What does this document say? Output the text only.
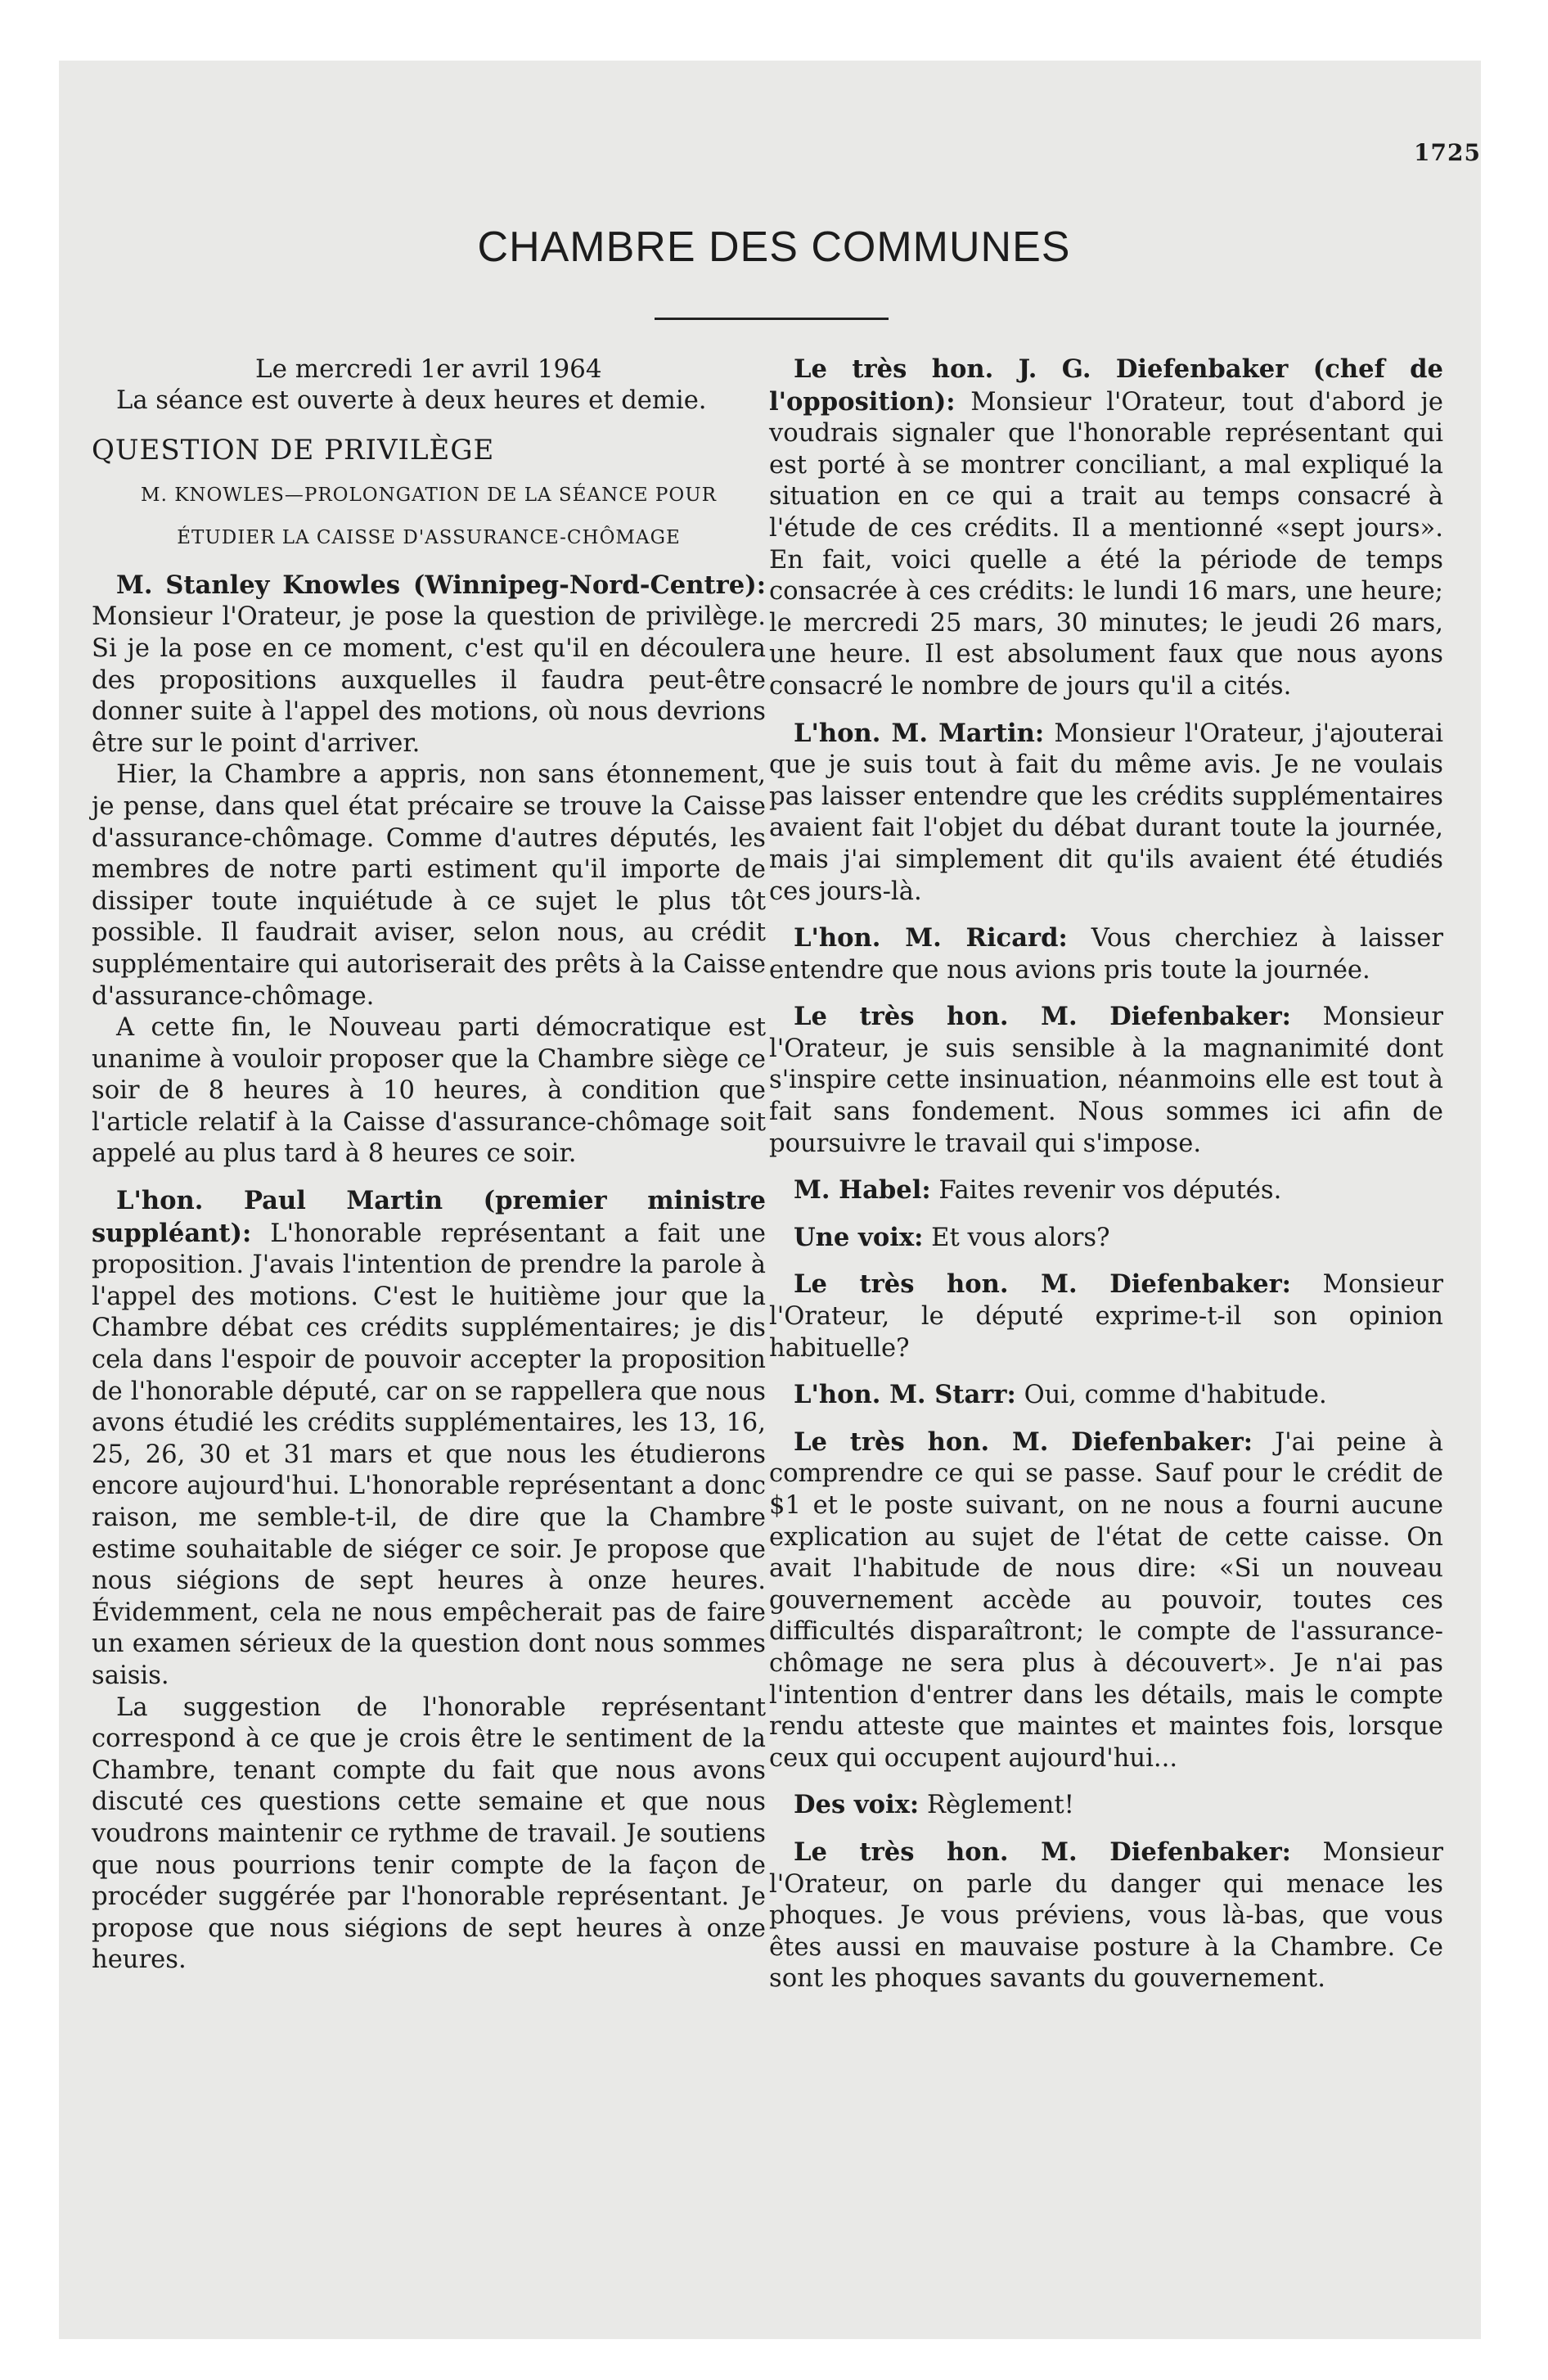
1725
CHAMBRE DES COMMUNES

Le mercredi 1er avril 1964

La séance est ouverte à deux heures et demie.

QUESTION DE PRIVILÈGE

M. KNOWLES—PROLONGATION DE LA SÉANCE POUR

ÉTUDIER LA CAISSE D'ASSURANCE-CHÔMAGE

M. Stanley Knowles (Winnipeg-Nord-Centre): Monsieur l'Orateur, je pose la question de privilège. Si je la pose en ce moment, c'est qu'il en découlera des propositions auxquelles il faudra peut-être donner suite à l'appel des motions, où nous devrions être sur le point d'arriver.

Hier, la Chambre a appris, non sans étonnement, je pense, dans quel état précaire se trouve la Caisse d'assurance-chômage. Comme d'autres députés, les membres de notre parti estiment qu'il importe de dissiper toute inquiétude à ce sujet le plus tôt possible. Il faudrait aviser, selon nous, au crédit supplémentaire qui autoriserait des prêts à la Caisse d'assurance-chômage.

A cette fin, le Nouveau parti démocratique est unanime à vouloir proposer que la Chambre siège ce soir de 8 heures à 10 heures, à condition que l'article relatif à la Caisse d'assurance-chômage soit appelé au plus tard à 8 heures ce soir.

L'hon. Paul Martin (premier ministre suppléant): L'honorable représentant a fait une proposition. J'avais l'intention de prendre la parole à l'appel des motions. C'est le huitième jour que la Chambre débat ces crédits supplémentaires; je dis cela dans l'espoir de pouvoir accepter la proposition de l'honorable député, car on se rappellera que nous avons étudié les crédits supplémentaires, les 13, 16, 25, 26, 30 et 31 mars et que nous les étudierons encore aujourd'hui. L'honorable représentant a donc raison, me semble-t-il, de dire que la Chambre estime souhaitable de siéger ce soir. Je propose que nous siégions de sept heures à onze heures. Évidemment, cela ne nous empêcherait pas de faire un examen sérieux de la question dont nous sommes saisis.

La suggestion de l'honorable représentant correspond à ce que je crois être le sentiment de la Chambre, tenant compte du fait que nous avons discuté ces questions cette semaine et que nous voudrons maintenir ce rythme de travail. Je soutiens que nous pourrions tenir compte de la façon de procéder suggérée par l'honorable représentant. Je propose que nous siégions de sept heures à onze heures.

Le très hon. J. G. Diefenbaker (chef de l'opposition): Monsieur l'Orateur, tout d'abord je voudrais signaler que l'honorable représentant qui est porté à se montrer conciliant, a mal expliqué la situation en ce qui a trait au temps consacré à l'étude de ces crédits. Il a mentionné «sept jours». En fait, voici quelle a été la période de temps consacrée à ces crédits: le lundi 16 mars, une heure; le mercredi 25 mars, 30 minutes; le jeudi 26 mars, une heure. Il est absolument faux que nous ayons consacré le nombre de jours qu'il a cités.

L'hon. M. Martin: Monsieur l'Orateur, j'ajouterai que je suis tout à fait du même avis. Je ne voulais pas laisser entendre que les crédits supplémentaires avaient fait l'objet du débat durant toute la journée, mais j'ai simplement dit qu'ils avaient été étudiés ces jours-là.

L'hon. M. Ricard: Vous cherchiez à laisser entendre que nous avions pris toute la journée.

Le très hon. M. Diefenbaker: Monsieur l'Orateur, je suis sensible à la magnanimité dont s'inspire cette insinuation, néanmoins elle est tout à fait sans fondement. Nous sommes ici afin de poursuivre le travail qui s'impose.

M. Habel: Faites revenir vos députés.

Une voix: Et vous alors?

Le très hon. M. Diefenbaker: Monsieur l'Orateur, le député exprime-t-il son opinion habituelle?

L'hon. M. Starr: Oui, comme d'habitude.

Le très hon. M. Diefenbaker: J'ai peine à comprendre ce qui se passe. Sauf pour le crédit de $1 et le poste suivant, on ne nous a fourni aucune explication au sujet de l'état de cette caisse. On avait l'habitude de nous dire: «Si un nouveau gouvernement accède au pouvoir, toutes ces difficultés disparaîtront; le compte de l'assurance-chômage ne sera plus à découvert». Je n'ai pas l'intention d'entrer dans les détails, mais le compte rendu atteste que maintes et maintes fois, lorsque ceux qui occupent aujourd'hui...

Des voix: Règlement!

Le très hon. M. Diefenbaker: Monsieur l'Orateur, on parle du danger qui menace les phoques. Je vous préviens, vous là-bas, que vous êtes aussi en mauvaise posture à la Chambre. Ce sont les phoques savants du gouvernement.
